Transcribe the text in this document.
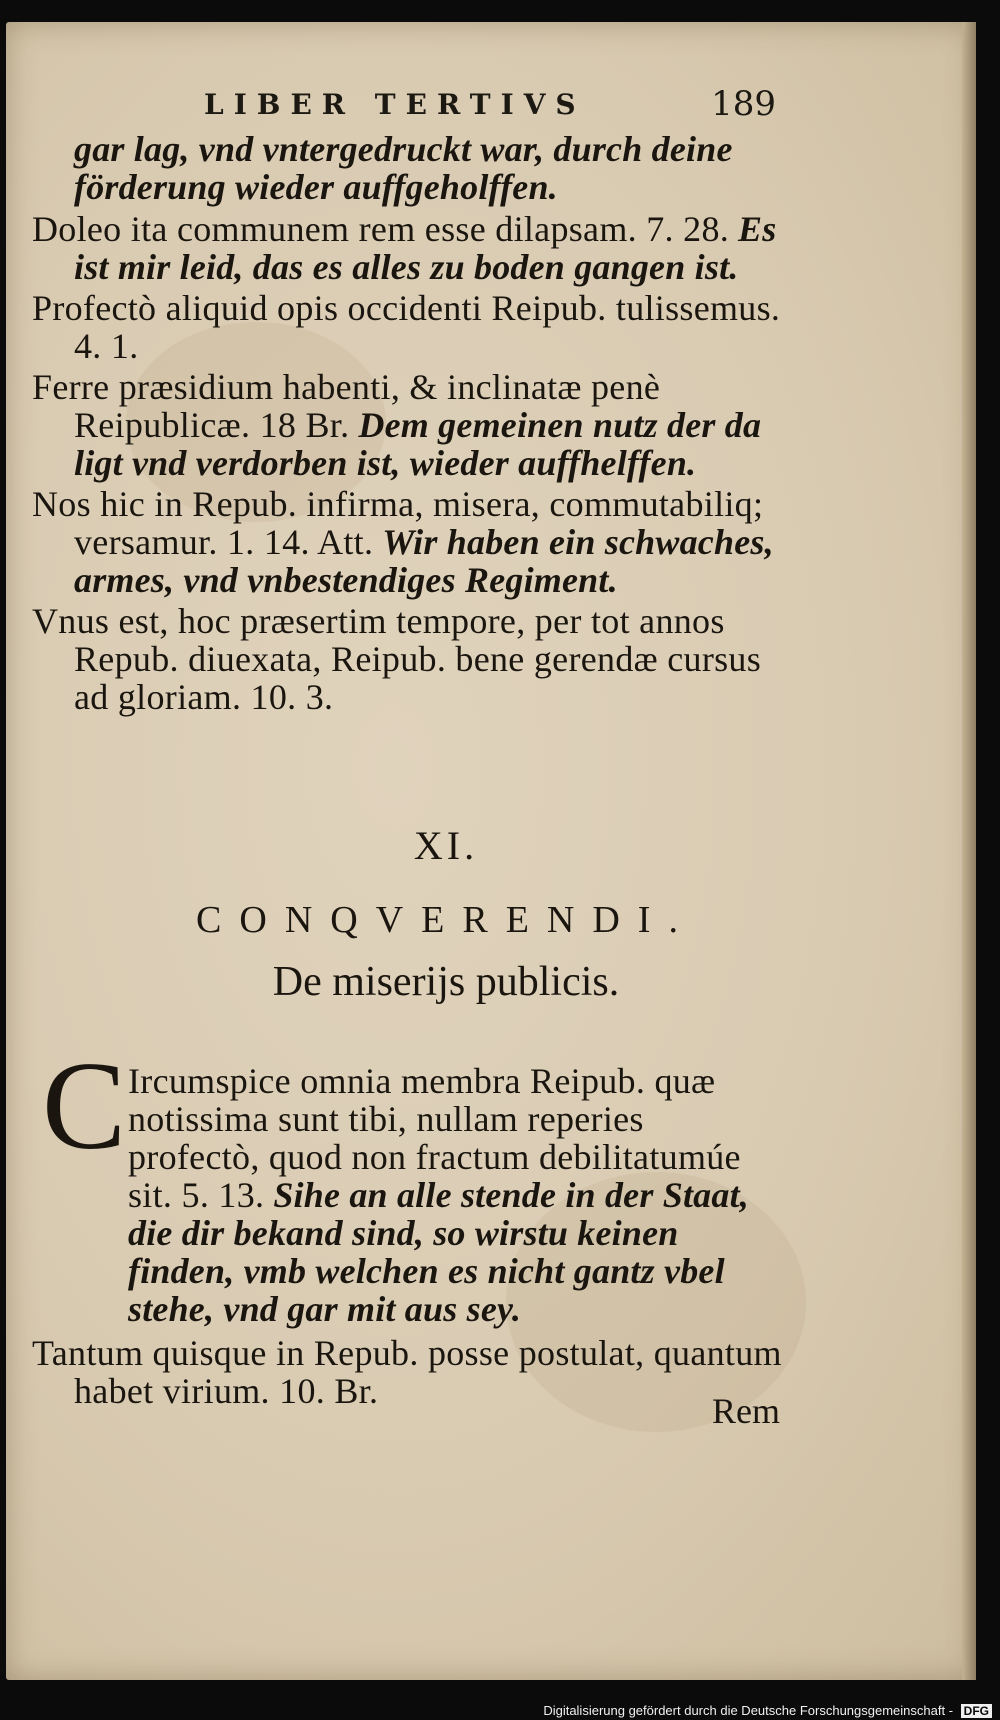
LIBER TERTIVS	189

gar lag, vnd vntergedruckt war, durch deine förderung wieder auffgeholffen.

Doleo ita communem rem esse dilapsam. 7. 28. Es ist mir leid, das es alles zu boden gangen ist.

Profectò aliquid opis occidenti Reipub. tulissemus. 4. 1.

Ferre præsidium habenti, & inclinatæ penè Reipublicæ. 18 Br. Dem gemeinen nutz der da ligt vnd verdorben ist, wieder auffhelffen.

Nos hic in Repub. infirma, misera, commutabiliq; versamur. 1. 14. Att. Wir haben ein schwaches, armes, vnd vnbestendiges Regiment.

Vnus est, hoc præsertim tempore, per tot annos Repub. diuexata, Reipub. bene gerendæ cursus ad gloriam. 10. 3.

XI.
CONQVERENDI.
De miserijs publicis.
C Ircumspice omnia membra Reipub. quæ notissima sunt tibi, nullam reperies profectò, quod non fractum debilitatumúe sit. 5. 13. Sihe an alle stende in der Staat, die dir bekand sind, so wirstu keinen finden, vmb welchen es nicht gantz vbel stehe, vnd gar mit aus sey.

Tantum quisque in Repub. posse postulat, quantum habet virium. 10. Br.	Rem
Digitalisierung gefördert durch die Deutsche Forschungsgemeinschaft - DFG
